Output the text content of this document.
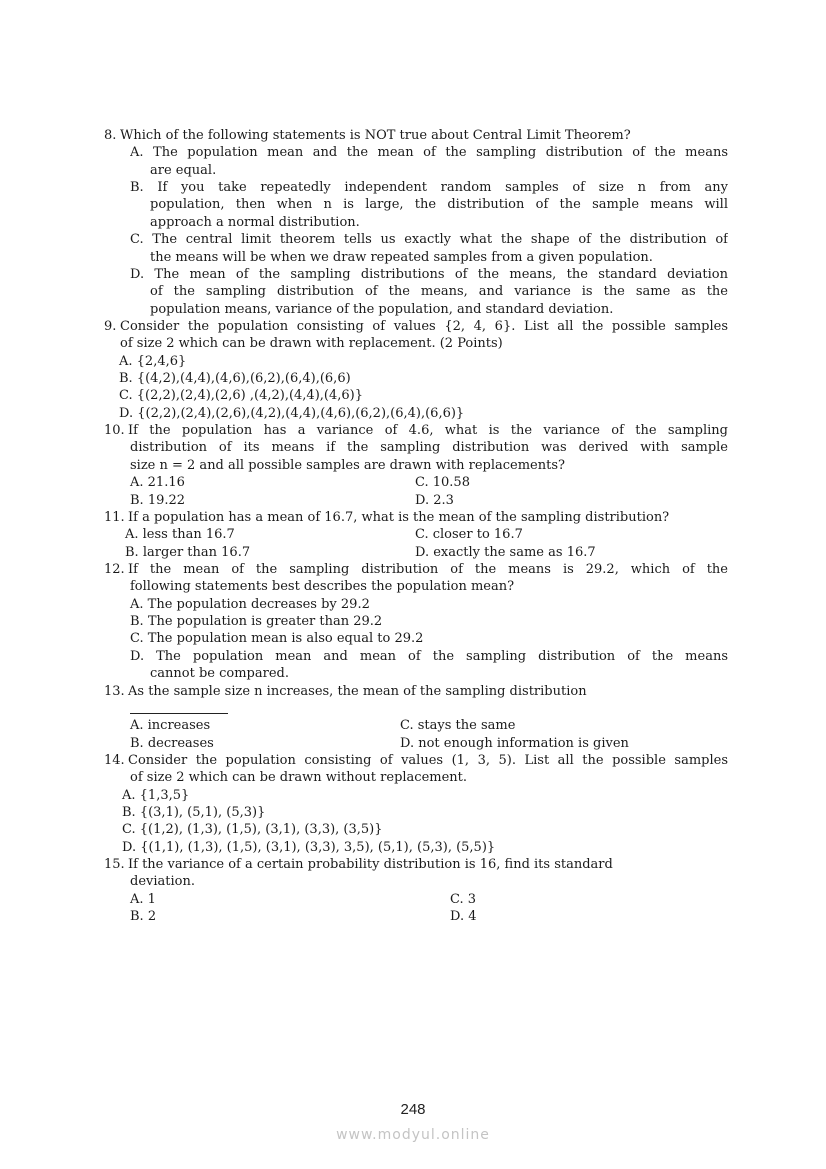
8. Which of the following statements is NOT true about Central Limit Theorem?
A. The population mean and the mean of the sampling distribution of the means
are equal.
B. If you take repeatedly independent random samples of size n from any
population, then when n is large, the distribution of the sample means will
approach a normal distribution.
C. The central limit theorem tells us exactly what the shape of the distribution of
the means will be when we draw repeated samples from a given population.
D. The mean of the sampling distributions of the means, the standard deviation
of the sampling distribution of the means, and variance is the same as the
population means, variance of the population, and standard deviation.
9. Consider the population consisting of values {2, 4, 6}. List all the possible samples
of size 2 which can be drawn with replacement. (2 Points)
A. {2,4,6}
B. {(4,2),(4,4),(4,6),(6,2),(6,4),(6,6)
C. {(2,2),(2,4),(2,6) ,(4,2),(4,4),(4,6)}
D. {(2,2),(2,4),(2,6),(4,2),(4,4),(4,6),(6,2),(6,4),(6,6)}
10. If the population has a variance of 4.6, what is the variance of the sampling
distribution of its means if the sampling distribution was derived with sample
size n = 2 and all possible samples are drawn with replacements?
A. 21.16	C. 10.58
B. 19.22	D. 2.3
11. If a population has a mean of 16.7, what is the mean of the sampling distribution?
A. less than 16.7	C. closer to 16.7
B. larger than 16.7	D. exactly the same as 16.7
12. If the mean of the sampling distribution of the means is 29.2, which of the
following statements best describes the population mean?
A. The population decreases by 29.2
B. The population is greater than 29.2
C. The population mean is also equal to 29.2
D. The population mean and mean of the sampling distribution of the means
cannot be compared.
13. As the sample size n increases, the mean of the sampling distribution
A. increases	C. stays the same
B. decreases	D. not enough information is given
14. Consider the population consisting of values (1, 3, 5). List all the possible samples
of size 2 which can be drawn without replacement.
A. {1,3,5}
B. {(3,1), (5,1), (5,3)}
C. {(1,2), (1,3), (1,5), (3,1), (3,3), (3,5)}
D. {(1,1), (1,3), (1,5), (3,1), (3,3), 3,5), (5,1), (5,3), (5,5)}
15. If the variance of a certain probability distribution is 16, find its standard
deviation.
A. 1	C. 3
B. 2	D. 4
248
www.modyul.online
